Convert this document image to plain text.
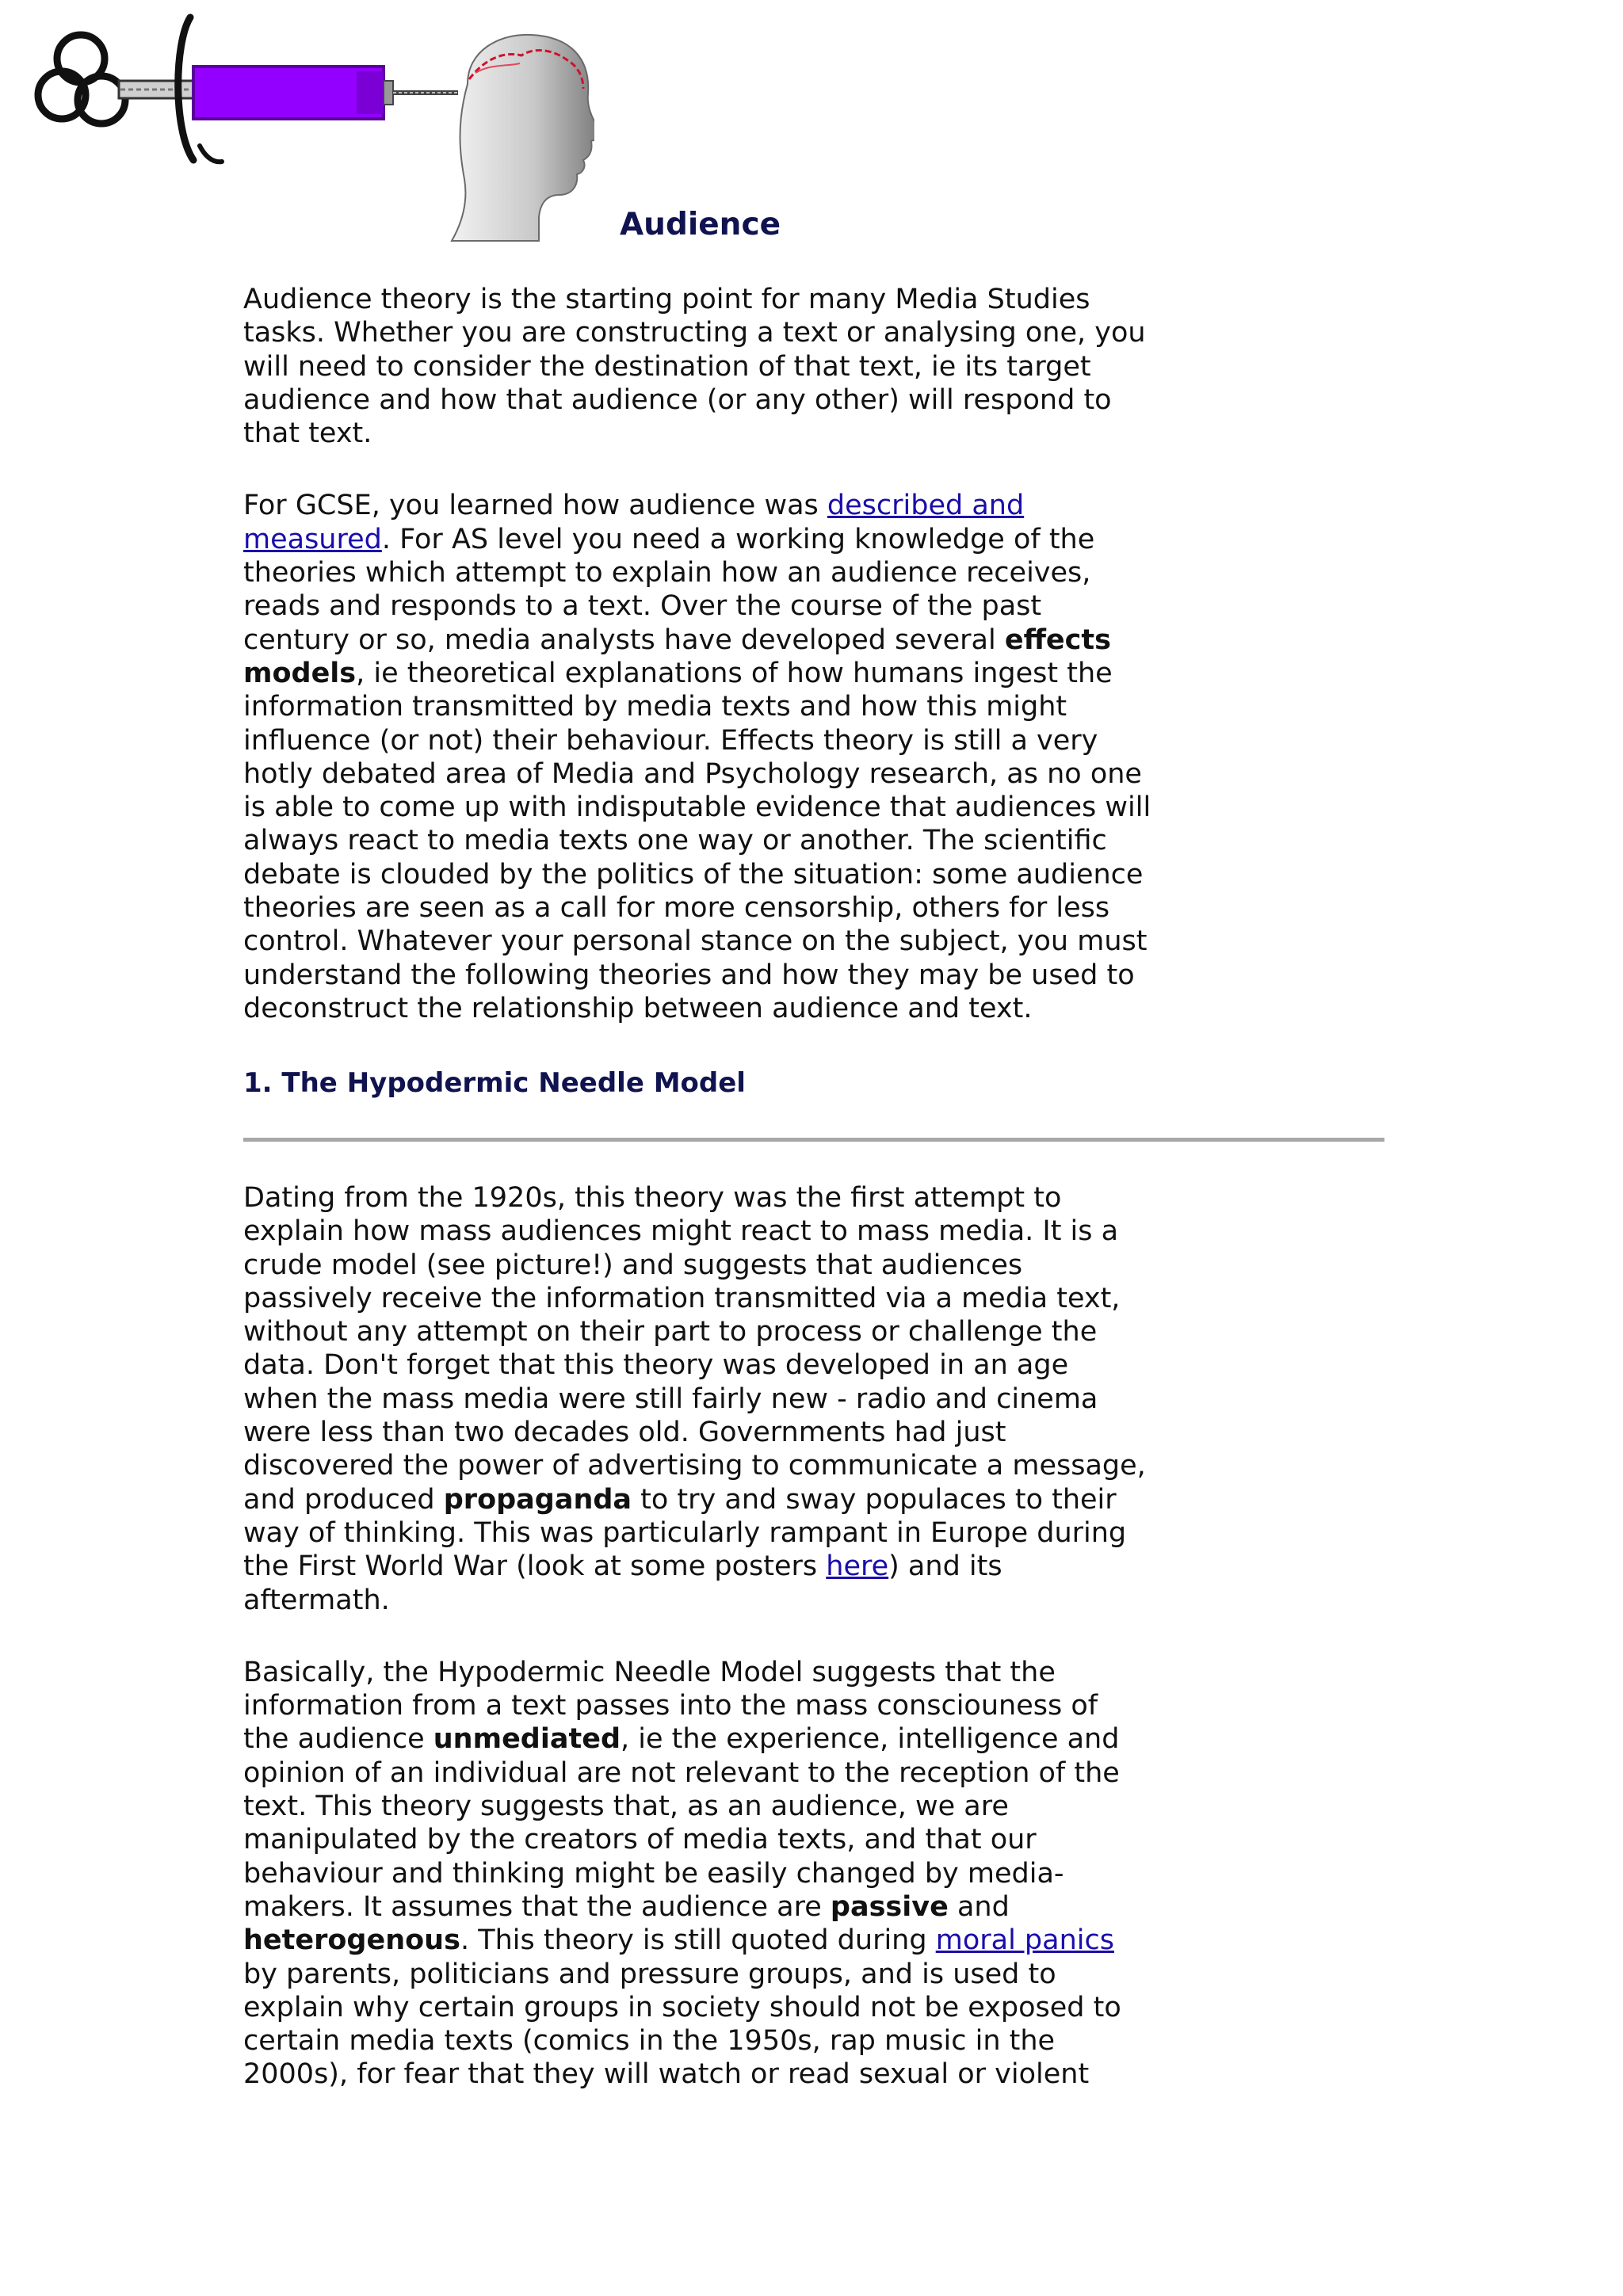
Audience

Audience theory is the starting point for many Media Studies
tasks. Whether you are constructing a text or analysing one, you
will need to consider the destination of that text, ie its target
audience and how that audience (or any other) will respond to
that text.

For GCSE, you learned how audience was described and
measured. For AS level you need a working knowledge of the
theories which attempt to explain how an audience receives,
reads and responds to a text. Over the course of the past
century or so, media analysts have developed several effects
models, ie theoretical explanations of how humans ingest the
information transmitted by media texts and how this might
influence (or not) their behaviour. Effects theory is still a very
hotly debated area of Media and Psychology research, as no one
is able to come up with indisputable evidence that audiences will
always react to media texts one way or another. The scientific
debate is clouded by the politics of the situation: some audience
theories are seen as a call for more censorship, others for less
control. Whatever your personal stance on the subject, you must
understand the following theories and how they may be used to
deconstruct the relationship between audience and text.

1. The Hypodermic Needle Model

Dating from the 1920s, this theory was the first attempt to
explain how mass audiences might react to mass media. It is a
crude model (see picture!) and suggests that audiences
passively receive the information transmitted via a media text,
without any attempt on their part to process or challenge the
data. Don't forget that this theory was developed in an age
when the mass media were still fairly new - radio and cinema
were less than two decades old. Governments had just
discovered the power of advertising to communicate a message,
and produced propaganda to try and sway populaces to their
way of thinking. This was particularly rampant in Europe during
the First World War (look at some posters here) and its
aftermath.

Basically, the Hypodermic Needle Model suggests that the
information from a text passes into the mass consciouness of
the audience unmediated, ie the experience, intelligence and
opinion of an individual are not relevant to the reception of the
text. This theory suggests that, as an audience, we are
manipulated by the creators of media texts, and that our
behaviour and thinking might be easily changed by media-
makers. It assumes that the audience are passive and
heterogenous. This theory is still quoted during moral panics
by parents, politicians and pressure groups, and is used to
explain why certain groups in society should not be exposed to
certain media texts (comics in the 1950s, rap music in the
2000s), for fear that they will watch or read sexual or violent
